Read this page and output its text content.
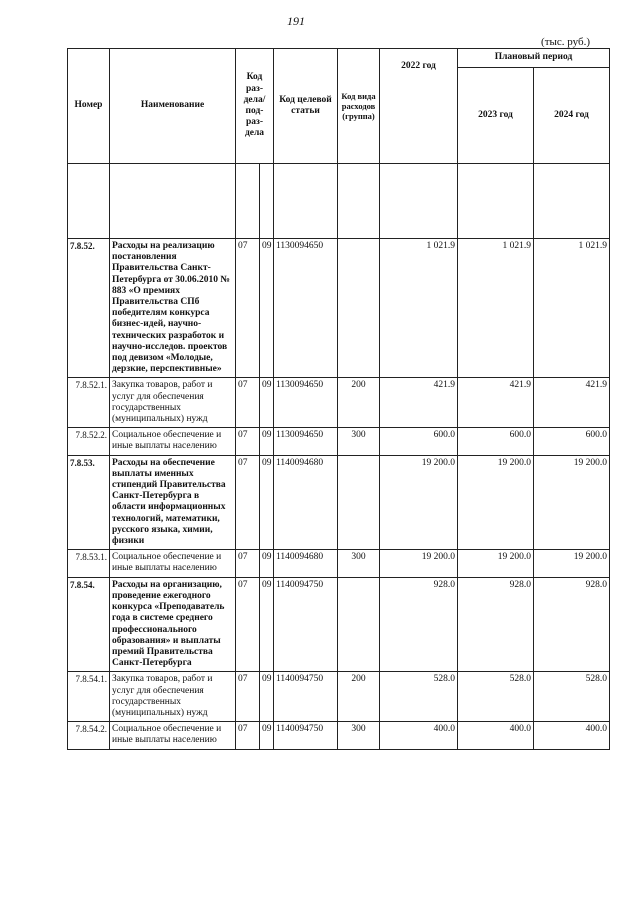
191
(тыс. руб.)
Номер	Наименование	Код раз-дела/ под-раз-дела		Код целевой статьи	Код вида расходов (группа)	2022 год	Плановый период	
							2023 год	2024 год

7.8.52.	Расходы на реализацию постановления Правительства Санкт-Петербурга от 30.06.2010 № 883 «О премиях Правительства СПб победителям конкурса бизнес-идей, научно-технических разработок и научно-исследов. проектов под девизом «Молодые, дерзкие, перспективные»	07	09	1130094650		1 021.9	1 021.9	1 021.9
7.8.52.1.	Закупка товаров, работ и услуг для обеспечения государственных (муниципальных) нужд	07	09	1130094650	200	421.9	421.9	421.9
7.8.52.2.	Социальное обеспечение и иные выплаты населению	07	09	1130094650	300	600.0	600.0	600.0
7.8.53.	Расходы на обеспечение выплаты именных стипендий Правительства Санкт-Петербурга в области информационных технологий, математики, русского языка, химии, физики	07	09	1140094680		19 200.0	19 200.0	19 200.0
7.8.53.1.	Социальное обеспечение и иные выплаты населению	07	09	1140094680	300	19 200.0	19 200.0	19 200.0
7.8.54.	Расходы на организацию, проведение ежегодного конкурса «Преподаватель года в системе среднего профессионального образования» и выплаты премий Правительства Санкт-Петербурга	07	09	1140094750		928.0	928.0	928.0
7.8.54.1.	Закупка товаров, работ и услуг для обеспечения государственных (муниципальных) нужд	07	09	1140094750	200	528.0	528.0	528.0
7.8.54.2.	Социальное обеспечение и иные выплаты населению	07	09	1140094750	300	400.0	400.0	400.0
